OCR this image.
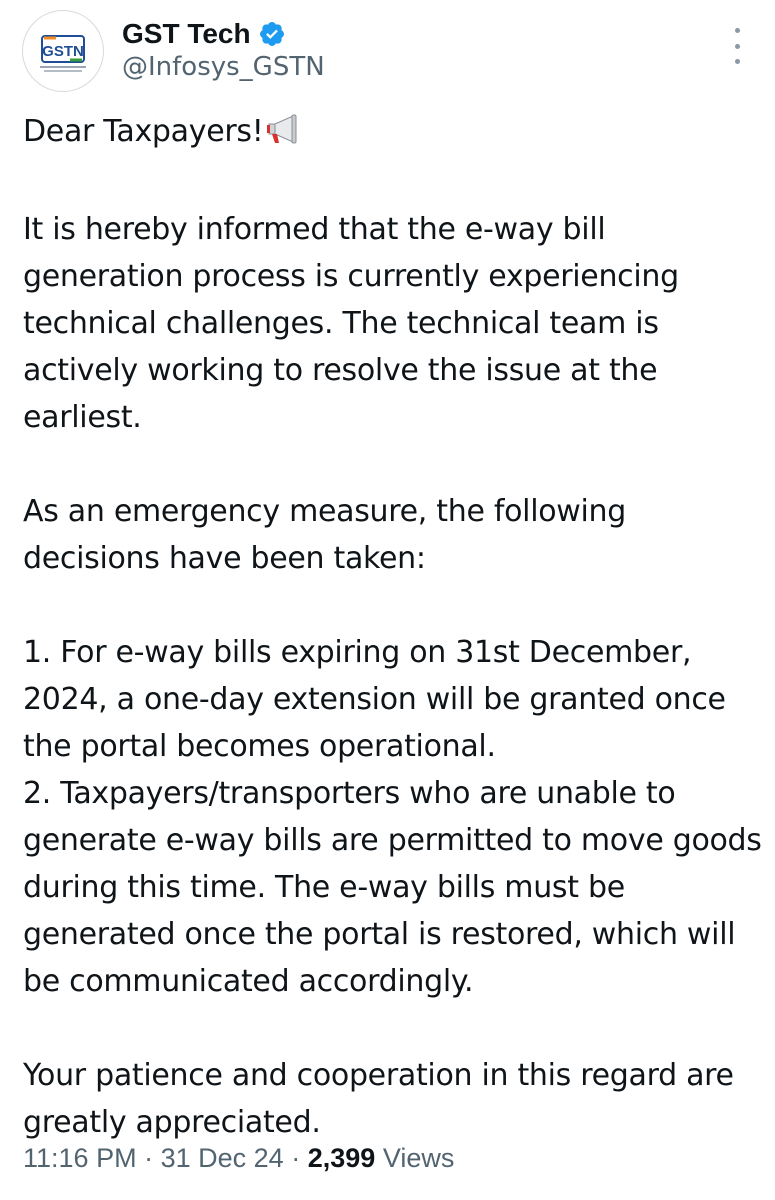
GSTN
GST Tech
@Infosys_GSTN

Dear Taxpayers!

It is hereby informed that the e-way bill generation process is currently experiencing technical challenges. The technical team is actively working to resolve the issue at the earliest.

As an emergency measure, the following decisions have been taken:

1. For e-way bills expiring on 31st December, 2024, a one-day extension will be granted once the portal becomes operational.

2. Taxpayers/transporters who are unable to generate e-way bills are permitted to move goods during this time. The e-way bills must be generated once the portal is restored, which will be communicated accordingly.

Your patience and cooperation in this regard are greatly appreciated.

11:16 PM · 31 Dec 24 · 2,399 Views
